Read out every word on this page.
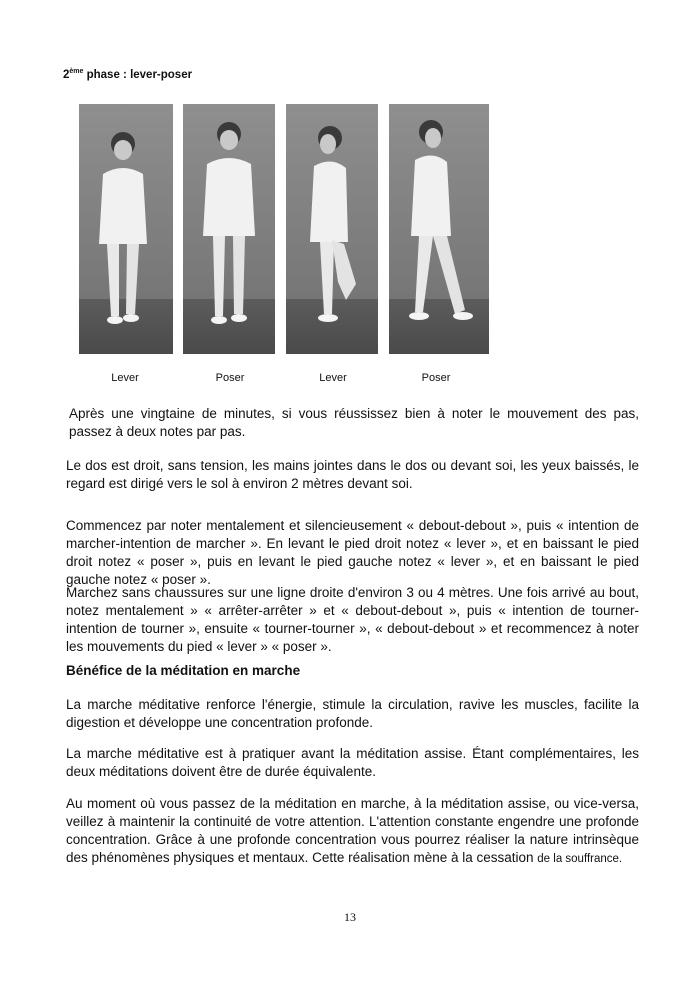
2ème phase : lever-poser
Lever	Poser	Lever	Poser

Après une vingtaine de minutes, si vous réussissez bien à noter le mouvement des pas, passez à deux notes par pas.

Le dos est droit, sans tension, les mains jointes dans le dos ou devant soi, les yeux baissés, le regard est dirigé vers le sol à environ 2 mètres devant soi.

Commencez par noter mentalement et silencieusement « debout-debout », puis « intention de marcher-intention de marcher ». En levant le pied droit notez « lever », et en baissant le pied droit notez « poser », puis en levant le pied gauche notez « lever », et en baissant le pied gauche notez « poser ».

Marchez sans chaussures sur une ligne droite d'environ 3 ou 4 mètres. Une fois arrivé au bout, notez mentalement » « arrêter-arrêter » et « debout-debout », puis « intention de tourner- intention de tourner », ensuite « tourner-tourner », « debout-debout » et recommencez à noter les mouvements du pied « lever » « poser ».

Bénéfice de la méditation en marche

La marche méditative renforce l'énergie, stimule la circulation, ravive les muscles, facilite la digestion et développe une concentration profonde.

La marche méditative est à pratiquer avant la méditation assise. Étant complémentaires, les deux méditations doivent être de durée équivalente.

Au moment où vous passez de la méditation en marche, à la méditation assise, ou vice-versa, veillez à maintenir la continuité de votre attention. L'attention constante engendre une profonde concentration. Grâce à une profonde concentration vous pourrez réaliser la nature intrinsèque des phénomènes physiques et mentaux. Cette réalisation mène à la cessation de la souffrance.

13
